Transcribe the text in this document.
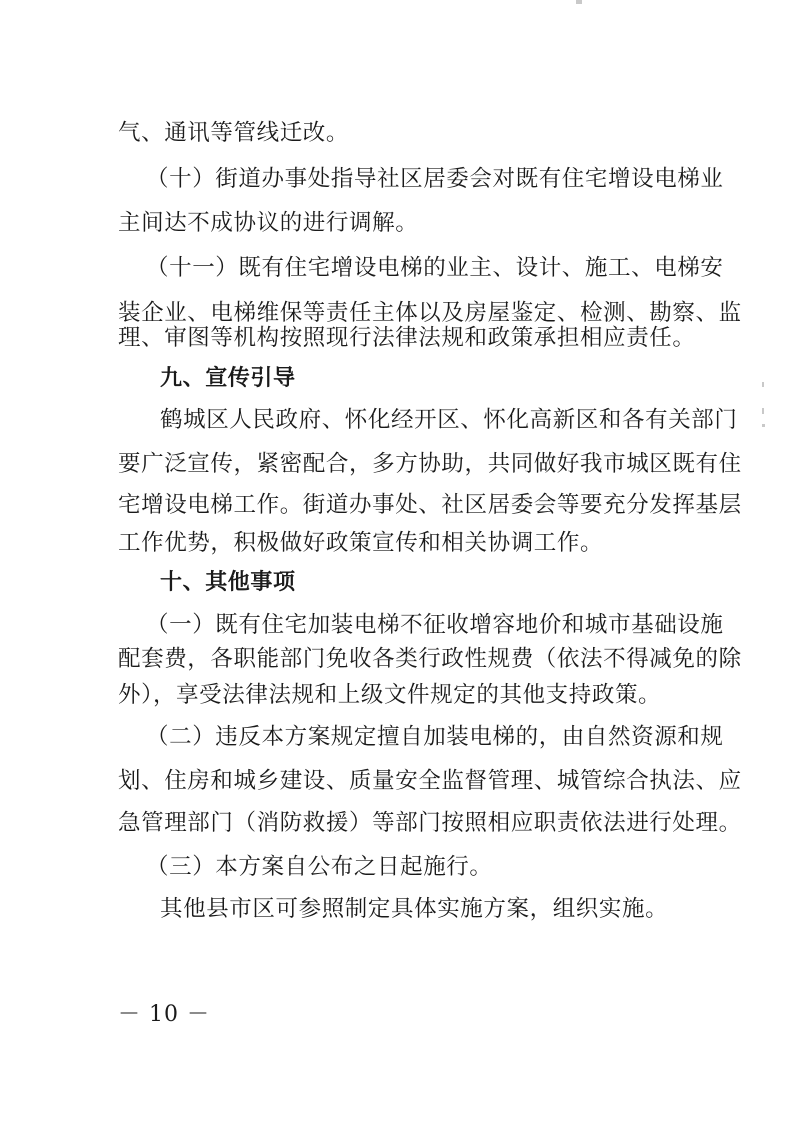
气、通讯等管线迁改。
（十）街道办事处指导社区居委会对既有住宅增设电梯业
主间达不成协议的进行调解。
（十一）既有住宅增设电梯的业主、设计、施工、电梯安
装企业、电梯维保等责任主体以及房屋鉴定、检测、勘察、监
理、审图等机构按照现行法律法规和政策承担相应责任。
九、宣传引导
鹤城区人民政府、怀化经开区、怀化高新区和各有关部门
要广泛宣传，紧密配合，多方协助，共同做好我市城区既有住
宅增设电梯工作。街道办事处、社区居委会等要充分发挥基层
工作优势，积极做好政策宣传和相关协调工作。
十、其他事项
（一）既有住宅加装电梯不征收增容地价和城市基础设施
配套费，各职能部门免收各类行政性规费（依法不得减免的除
外），享受法律法规和上级文件规定的其他支持政策。
（二）违反本方案规定擅自加装电梯的，由自然资源和规
划、住房和城乡建设、质量安全监督管理、城管综合执法、应
急管理部门（消防救援）等部门按照相应职责依法进行处理。
（三）本方案自公布之日起施行。
其他县市区可参照制定具体实施方案，组织实施。
－ 10 －
